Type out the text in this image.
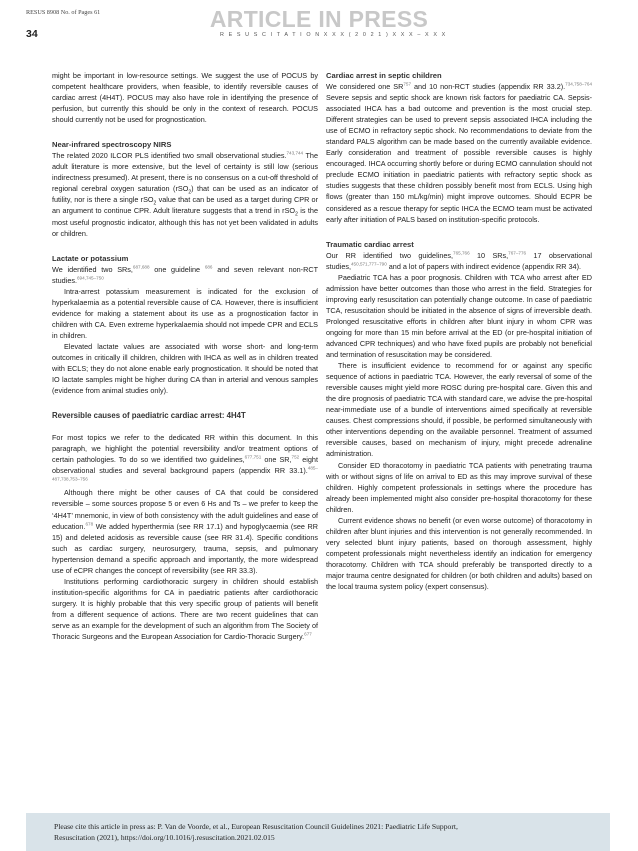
RESUS 8908 No. of Pages 61	ARTICLE IN PRESS
34	R E S U S C I T A T I O N X X X ( 2 0 2 1 ) X X X – X X X

might be important in low-resource settings. We suggest the use of POCUS by competent healthcare providers, when feasible, to identify reversible causes of cardiac arrest (4H4T). POCUS may also have role in identifying the presence of perfusion, but currently this should be only in the context of research. POCUS should currently not be used for prognostication.

Near-infrared spectroscopy NIRS

The related 2020 ILCOR PLS identified two small observational studies.$^{743,744}$ The adult literature is more extensive, but the level of certainty is still low (serious indirectness presumed). At present, there is no consensus on a cut-off threshold of regional cerebral oxygen saturation (rSO$_2$) that can be used as an indicator of futility, nor is there a single rSO$_2$ value that can be used as a target during CPR or an argument to continue CPR. Adult literature suggests that a trend in rSO$_2$ is the most useful prognostic indicator, although this has not yet been validated in adults or children.

Lactate or potassium

We identified two SRs,$^{687,688}$ one guideline $^{686}$ and seven relevant non-RCT studies.$^{694,745-750}$

Intra-arrest potassium measurement is indicated for the exclusion of hyperkalaemia as a potential reversible cause of CA. However, there is insufficient evidence for making a statement about its use as a prognostication factor in children with CA. Even extreme hyperkalaemia should not impede CPR and ECLS in children.

Elevated lactate values are associated with worse short- and long-term outcomes in critically ill children, children with IHCA as well as in children treated with ECLS; they do not alone enable early prognostication. It should be noted that IO lactate samples might be higher during CA than in arterial and venous samples (evidence from animal studies only).

Reversible causes of paediatric cardiac arrest: 4H4T

For most topics we refer to the dedicated RR within this document. In this paragraph, we highlight the potential reversibility and/or treatment options of certain pathologies. To do so we identified two guidelines,$^{677,751}$ one SR,$^{752}$ eight observational studies and several background papers (appendix RR 33.1).$^{485-487,738,753-756}$

Although there might be other causes of CA that could be considered reversible – some sources propose 5 or even 6 Hs and Ts – we prefer to keep the ‘4H4T’ mnemonic, in view of both consistency with the adult guidelines and ease of education.$^{678}$ We added hyperthermia (see RR 17.1) and hypoglycaemia (see RR 15) and deleted acidosis as reversible cause (see RR 31.4). Specific conditions such as cardiac surgery, neurosurgery, trauma, sepsis, and pulmonary hypertension demand a specific approach and importantly, the more widespread use of eCPR changes the concept of reversibility (see RR 33.3).

Institutions performing cardiothoracic surgery in children should establish institution-specific algorithms for CA in paediatric patients after cardiothoracic surgery. It is highly probable that this very specific group of patients will benefit from a different sequence of actions. There are two recent guidelines that can serve as an example for the development of such an algorithm from The Society of Thoracic Surgeons and the European Association for Cardio-Thoracic Surgery.$^{677}$

Cardiac arrest in septic children

We considered one SR$^{757}$ and 10 non-RCT studies (appendix RR 33.2).$^{734,758-764}$ Severe sepsis and septic shock are known risk factors for paediatric CA. Sepsis-associated IHCA has a bad outcome and prevention is the most crucial step. Different strategies can be used to prevent sepsis associated IHCA including the use of ECMO in refractory septic shock. No recommendations to deviate from the standard PALS algorithm can be made based on the currently available evidence. Early consideration and treatment of possible reversible causes is highly encouraged. IHCA occurring shortly before or during ECMO cannulation should not preclude ECMO initiation in paediatric patients with refractory septic shock as studies suggests that these children possibly benefit most from ECLS. Using high flows (greater than 150 mL/kg/min) might improve outcomes. Should ECPR be considered as a rescue therapy for septic IHCA the ECMO team must be activated early after initiation of PALS based on institution-specific protocols.

Traumatic cardiac arrest

Our RR identified two guidelines,$^{765,766}$ 10 SRs,$^{767-776}$ 17 observational studies,$^{450,571,777-790}$ and a lot of papers with indirect evidence (appendix RR 34).

Paediatric TCA has a poor prognosis. Children with TCA who arrest after ED admission have better outcomes than those who arrest in the field. Strategies for improving early resuscitation can potentially change outcome. In case of paediatric TCA, resuscitation should be initiated in the absence of signs of irreversible death. Prolonged resuscitative efforts in children after blunt injury in whom CPR was ongoing for more than 15 min before arrival at the ED (or pre-hospital initiation of advanced CPR techniques) and who have fixed pupils are probably not beneficial and termination of resuscitation may be considered.

There is insufficient evidence to recommend for or against any specific sequence of actions in paediatric TCA. However, the early reversal of some of the reversible causes might yield more ROSC during pre-hospital care. Given this and the dire prognosis of paediatric TCA with standard care, we advise the pre-hospital near-immediate use of a bundle of interventions aimed specifically at reversible causes. Chest compressions should, if possible, be performed simultaneously with other interventions depending on the available personnel. Treatment of assumed reversible causes, based on mechanism of injury, might precede adrenaline administration.

Consider ED thoracotomy in paediatric TCA patients with penetrating trauma with or without signs of life on arrival to ED as this may improve survival of these children. Highly competent professionals in settings where the procedure has already been implemented might also consider pre-hospital thoracotomy for these children.

Current evidence shows no benefit (or even worse outcome) of thoracotomy in children after blunt injuries and this intervention is not generally recommended. In very selected blunt injury patients, based on thorough assessment, highly competent professionals might nevertheless identify an indication for emergency thoracotomy. Children with TCA should preferably be transported directly to a major trauma centre designated for children (or both children and adults) based on the local trauma system policy (expert consensus).

Please cite this article in press as: P. Van de Voorde, et al., European Resuscitation Council Guidelines 2021: Paediatric Life Support,
Resuscitation (2021), https://doi.org/10.1016/j.resuscitation.2021.02.015
